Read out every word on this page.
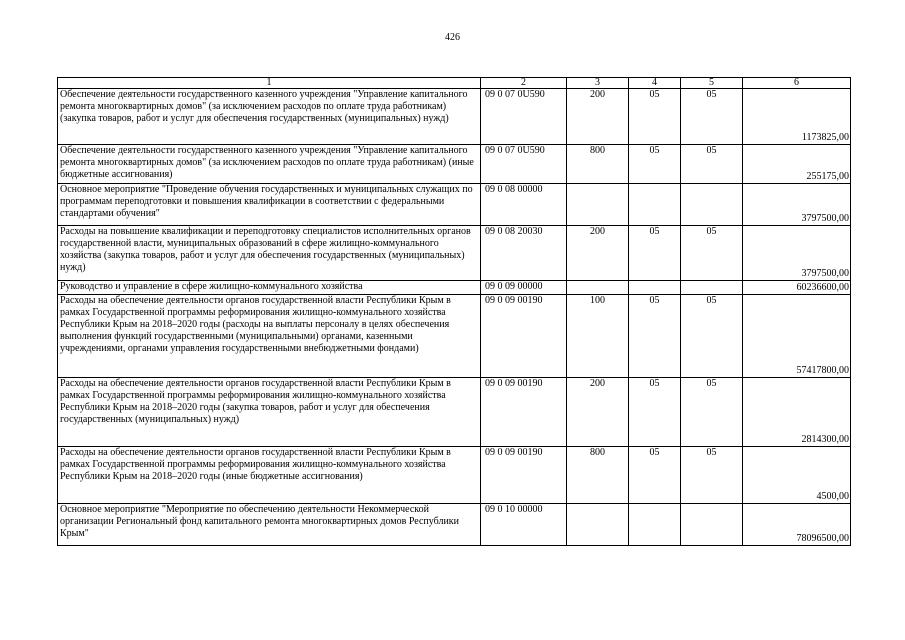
426
1	2	3	4	5	6
Обеспечение деятельности государственного казенного учреждения "Управление капитального ремонта многоквартирных домов" (за исключением расходов по оплате труда работникам) (закупка товаров, работ и услуг для обеспечения государственных (муниципальных) нужд)	09 0 07 0U590	200	05	05	1173825,00
Обеспечение деятельности государственного казенного учреждения "Управление капитального ремонта многоквартирных домов" (за исключением расходов по оплате труда работникам) (иные бюджетные ассигнования)	09 0 07 0U590	800	05	05	255175,00
Основное мероприятие "Проведение обучения государственных и муниципальных служащих по программам переподготовки и повышения квалификации в соответствии с федеральными стандартами обучения"	09 0 08 00000				3797500,00
Расходы на повышение квалификации и переподготовку специалистов исполнительных органов государственной власти, муниципальных образований в сфере жилищно-коммунального хозяйства (закупка товаров, работ и услуг для обеспечения государственных (муниципальных) нужд)	09 0 08 20030	200	05	05	3797500,00
Руководство и управление в сфере жилищно-коммунального хозяйства	09 0 09 00000				60236600,00
Расходы на обеспечение деятельности органов государственной власти Республики Крым в рамках Государственной программы реформирования жилищно-коммунального хозяйства Республики Крым на 2018–2020 годы (расходы на выплаты персоналу в целях обеспечения выполнения функций государственными (муниципальными) органами, казенными учреждениями, органами управления государственными внебюджетными фондами)	09 0 09 00190	100	05	05	57417800,00
Расходы на обеспечение деятельности органов государственной власти Республики Крым в рамках Государственной программы реформирования жилищно-коммунального хозяйства Республики Крым на 2018–2020 годы (закупка товаров, работ и услуг для обеспечения государственных (муниципальных) нужд)	09 0 09 00190	200	05	05	2814300,00
Расходы на обеспечение деятельности органов государственной власти Республики Крым в рамках Государственной программы реформирования жилищно-коммунального хозяйства Республики Крым на 2018–2020 годы (иные бюджетные ассигнования)	09 0 09 00190	800	05	05	4500,00
Основное мероприятие "Мероприятие по обеспечению деятельности Некоммерческой организации Региональный фонд капитального ремонта многоквартирных домов Республики Крым"	09 0 10 00000				78096500,00
